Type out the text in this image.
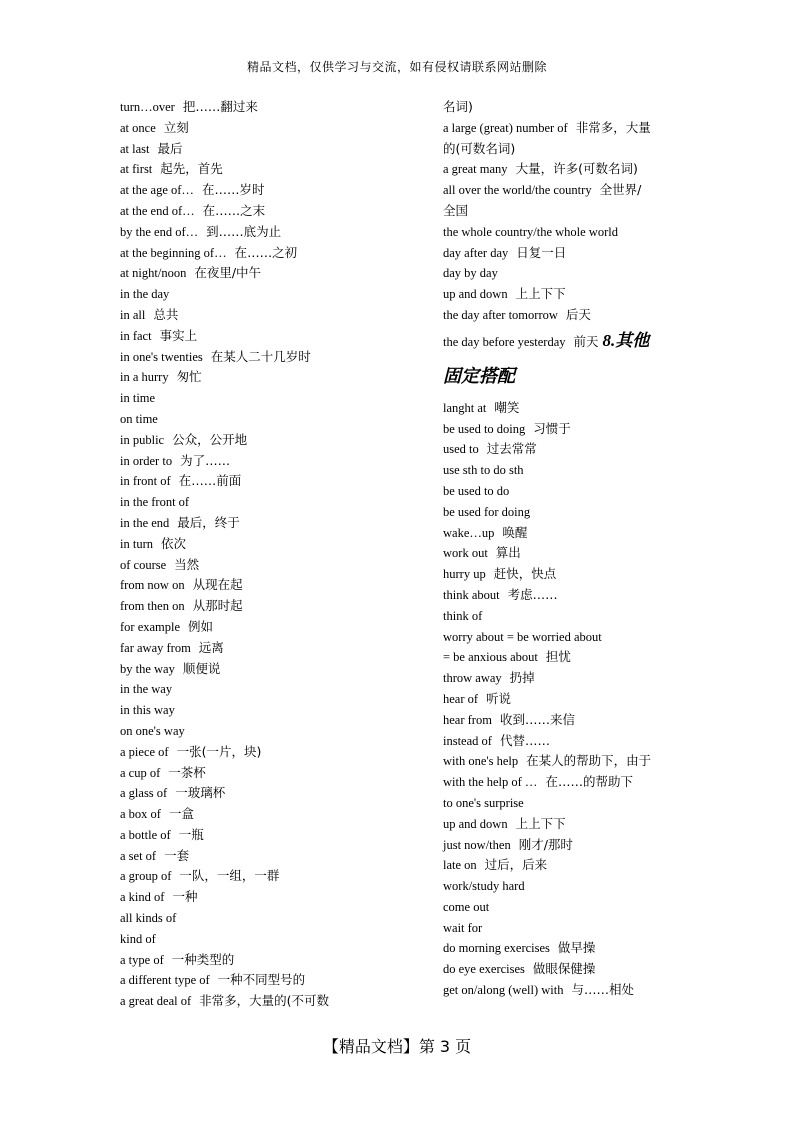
精品文档，仅供学习与交流，如有侵权请联系网站删除
turn…over 把……翻过来
at once 立刻
at last 最后
at first 起先，首先
at the age of… 在……岁时
at the end of… 在……之末
by the end of… 到……底为止
at the beginning of… 在……之初
at night/noon 在夜里/中午
in the day
in all 总共
in fact 事实上
in one's twenties 在某人二十几岁时
in a hurry 匆忙
in time
on time
in public 公众，公开地
in order to 为了……
in front of 在……前面
in the front of
in the end 最后，终于
in turn 依次
of course 当然
from now on 从现在起
from then on 从那时起
for example 例如
far away from 远离
by the way 顺便说
in the way
in this way
on one's way
a piece of 一张(一片，块)
a cup of 一茶杯
a glass of 一玻璃杯
a box of 一盒
a bottle of 一瓶
a set of 一套
a group of 一队，一组，一群
a kind of 一种
all kinds of
kind of
a type of 一种类型的
a different type of 一种不同型号的
a great deal of 非常多，大量的(不可数
名词)
a large (great) number of 非常多，大量
的(可数名词)
a great many 大量，许多(可数名词)
all over the world/the country 全世界/
全国
the whole country/the whole world
day after day 日复一日
day by day
up and down 上上下下
the day after tomorrow 后天
the day before yesterday 前天 8.其他
固定搭配
langht at 嘲笑
be used to doing 习惯于
used to 过去常常
use sth to do sth
be used to do
be used for doing
wake…up 唤醒
work out 算出
hurry up 赶快，快点
think about 考虑……
think of
worry about = be worried about
= be anxious about 担忧
throw away 扔掉
hear of 听说
hear from 收到……来信
instead of 代替……
with one's help 在某人的帮助下，由于
with the help of … 在……的帮助下
to one's surprise
up and down 上上下下
just now/then 刚才/那时
late on 过后，后来
work/study hard
come out
wait for
do morning exercises 做早操
do eye exercises 做眼保健操
get on/along (well) with 与……相处
【精品文档】第 3 页
